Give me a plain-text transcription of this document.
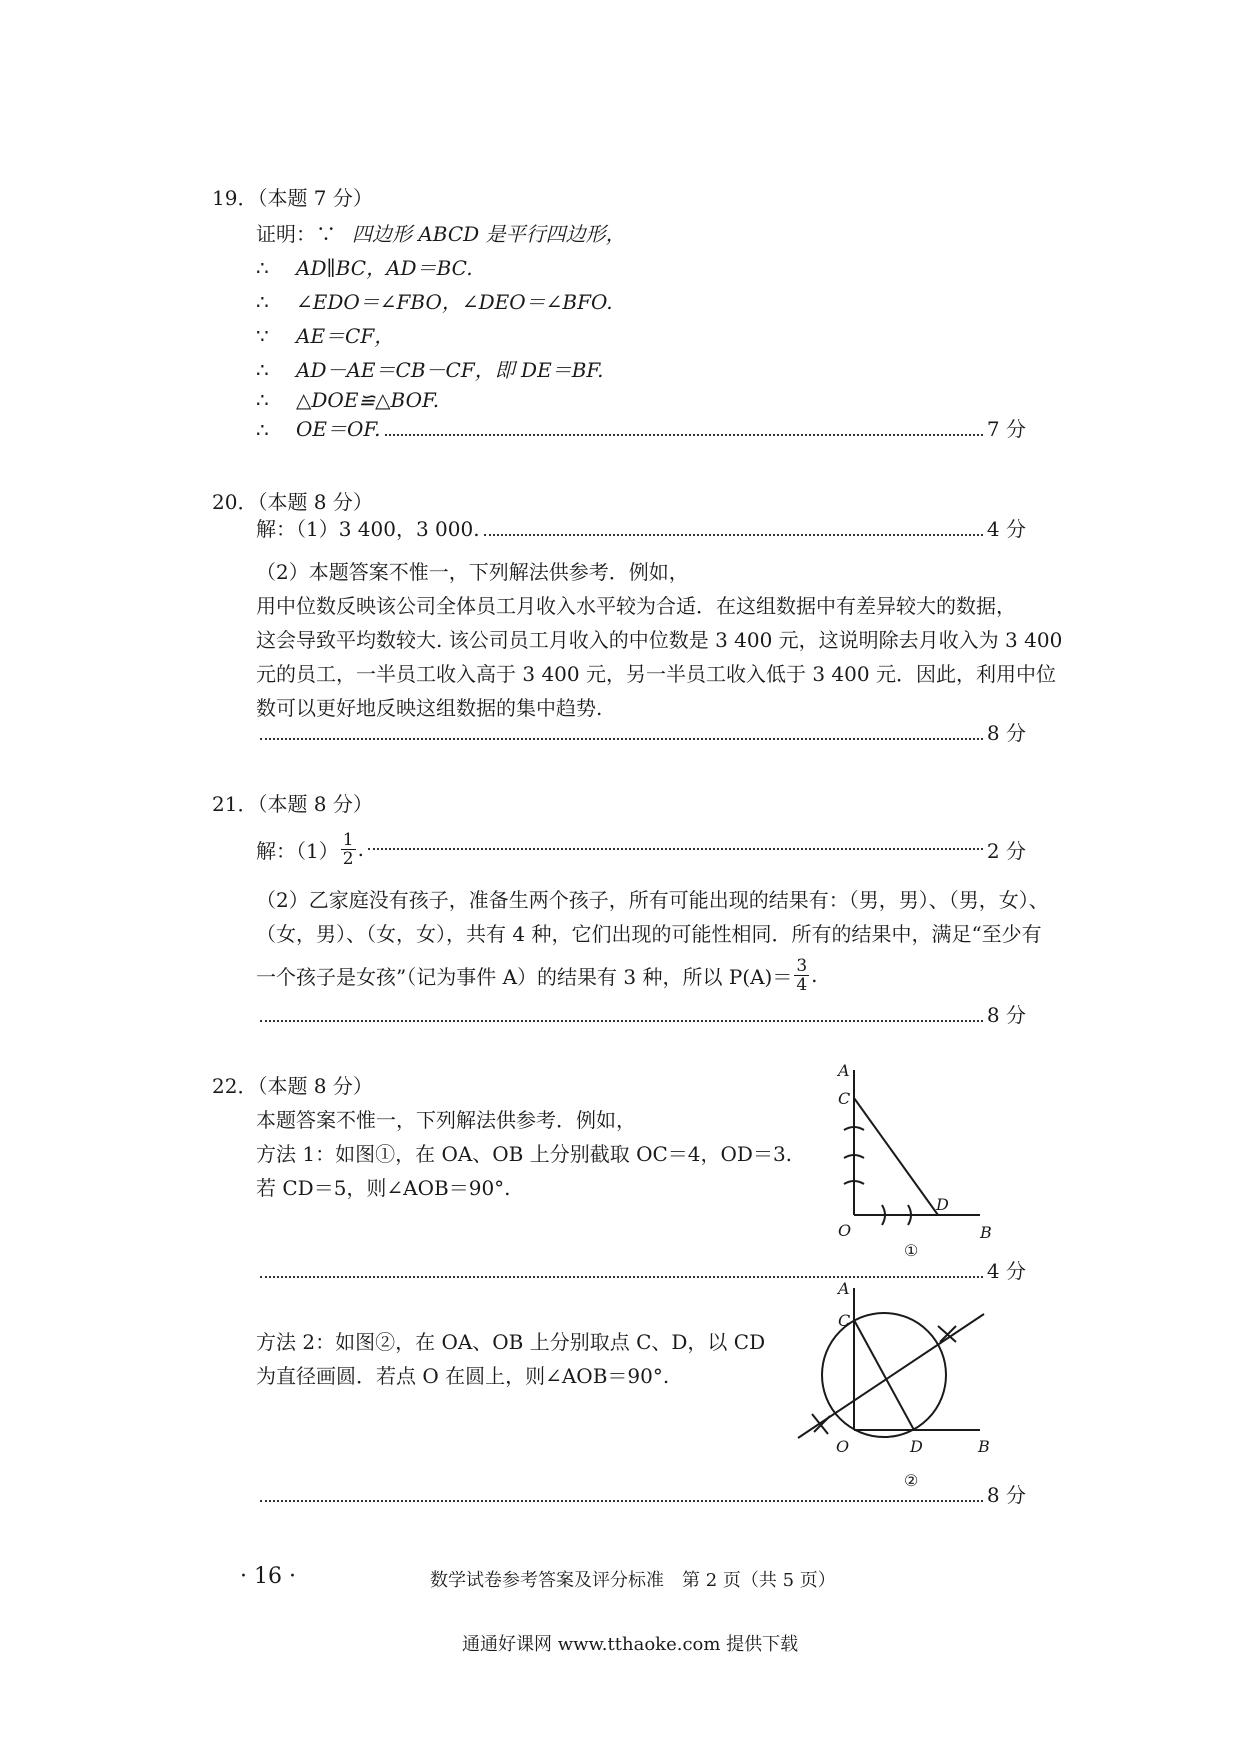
19．（本题 7 分）
证明：∵ 四边形 ABCD 是平行四边形，
∴ AD∥BC，AD＝BC.
∴ ∠EDO＝∠FBO，∠DEO＝∠BFO.
∵ AE＝CF，
∴ AD－AE＝CB－CF，即 DE＝BF.
∴ △DOE≌△BOF.
∴	OE＝OF.	7 分
20．（本题 8 分）
解：（1）3 400，3 000.	4 分
（2）本题答案不惟一，下列解法供参考．例如，
用中位数反映该公司全体员工月收入水平较为合适．在这组数据中有差异较大的数据，
这会导致平均数较大. 该公司员工月收入的中位数是 3 400 元，这说明除去月收入为 3 400
元的员工，一半员工收入高于 3 400 元，另一半员工收入低于 3 400 元．因此，利用中位
数可以更好地反映这组数据的集中趋势.
8 分
21．（本题 8 分）
解：$(1) \frac{1}{2}$ .	2 分
（2）乙家庭没有孩子，准备生两个孩子，所有可能出现的结果有：（男，男）、（男，女）、
（女，男）、（女，女），共有 4 种，它们出现的可能性相同．所有的结果中，满足“至少有
一个孩子是女孩”（记为事件 A）的结果有 3 种，所以 $P(A)= \frac{3}{4}$ .
8 分
22．（本题 8 分）
本题答案不惟一，下列解法供参考．例如，
方法 1：如图①，在 OA、OB 上分别截取 OC＝4，OD＝3.
若 CD＝5，则∠AOB＝90°.
4 分
方法 2：如图②，在 OA、OB 上分别取点 C、D，以 CD
为直径画圆．若点 O 在圆上，则∠AOB＝90°.
8 分
A
C
O
D
B
①
A
C
O	D	B
②
· 16 ·	数学试卷参考答案及评分标准　第 2 页（共 5 页）
通通好课网 www.tthaoke.com 提供下载
